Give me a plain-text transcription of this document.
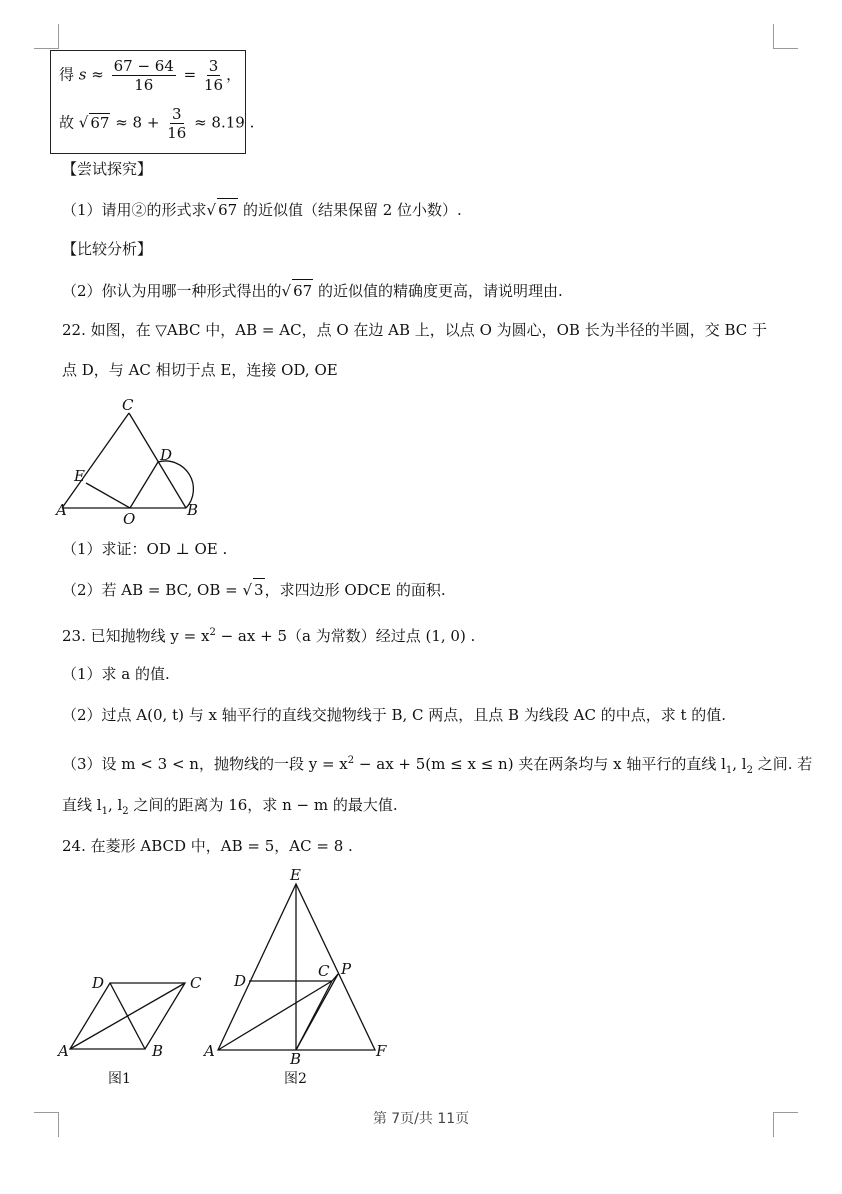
得 $s \approx \frac{67 - 64}{16} = \frac{3}{16}$ ，
故 √ $67 \approx 8 + \frac{3}{16} \approx 8.19$ .
【尝试探究】
（1）请用②的形式求√ 67 的近似值（结果保留 2 位小数）.
【比较分析】
（2）你认为用哪一种形式得出的√ 67 的近似值的精确度更高，请说明理由.
22. 如图，在 ▽ABC 中，AB = AC，点 O 在边 AB 上，以点 O 为圆心，OB 长为半径的半圆，交 BC 于
点 D，与 AC 相切于点 E，连接 OD, OE
C
D
E
A	O	B
（1）求证：OD ⊥ OE .
（2）若 AB = BC, OB = √ 3，求四边形 ODCE 的面积.
23. 已知抛物线 $y = x^2$ − ax + 5（a 为常数）经过点 (1, 0) .
（1）求 a 的值.
（2）过点 A(0, t) 与 x 轴平行的直线交抛物线于 B, C 两点，且点 B 为线段 AC 的中点，求 t 的值.
（3）设 m < 3 < n，抛物线的一段 $y = x^2$ − ax + 5(m ≤ x ≤ n) 夹在两条均与 x 轴平行的直线 $l_1$, $l_2$ 之间. 若
直线 $l_1$, $l_2$ 之间的距离为 16，求 n − m 的最大值.
24. 在菱形 ABCD 中，AB = 5，AC = 8 .
D	C
A	B
图1
E
D
C P
A	B	F
图2
第 7页/共 11页
